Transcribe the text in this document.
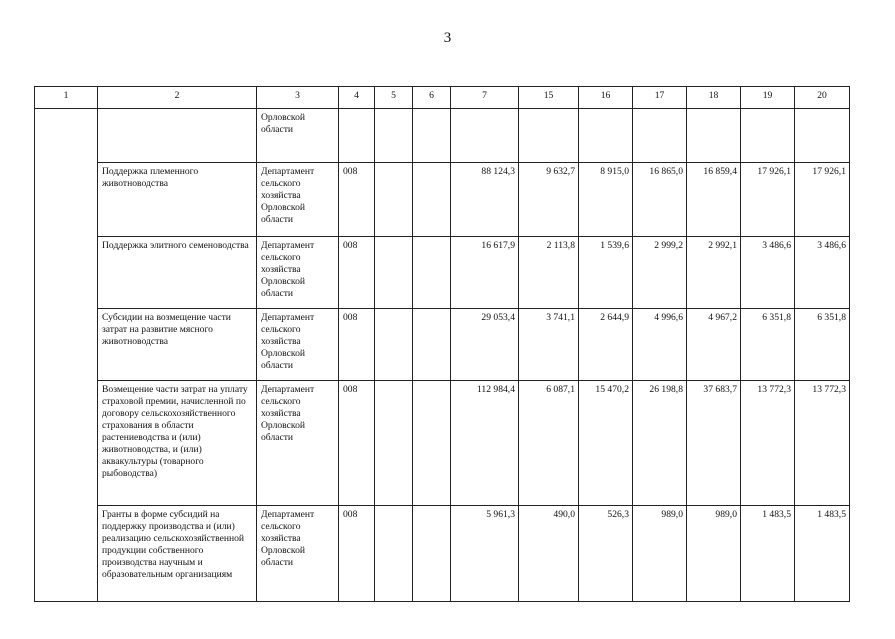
3
1	2	3	4	5	6	7	15	16	17	18	19	20
		Орловской области										
	Поддержка племенного животноводства	Департамент сельского хозяйства Орловской области	008			88 124,3	9 632,7	8 915,0	16 865,0	16 859,4	17 926,1	17 926,1
	Поддержка элитного семеноводства	Департамент сельского хозяйства Орловской области	008			16 617,9	2 113,8	1 539,6	2 999,2	2 992,1	3 486,6	3 486,6
	Субсидии на возмещение части затрат на развитие мясного животноводства	Департамент сельского хозяйства Орловской области	008			29 053,4	3 741,1	2 644,9	4 996,6	4 967,2	6 351,8	6 351,8
	Возмещение части затрат на уплату страховой премии, начисленной по договору сельскохозяйственного страхования в области растениеводства и (или) животноводства, и (или) аквакультуры (товарного рыбоводства)	Департамент сельского хозяйства Орловской области	008			112 984,4	6 087,1	15 470,2	26 198,8	37 683,7	13 772,3	13 772,3
	Гранты в форме субсидий на поддержку производства и (или) реализацию сельскохозяйственной продукции собственного производства научным и образовательным организациям	Департамент сельского хозяйства Орловской области	008			5 961,3	490,0	526,3	989,0	989,0	1 483,5	1 483,5
